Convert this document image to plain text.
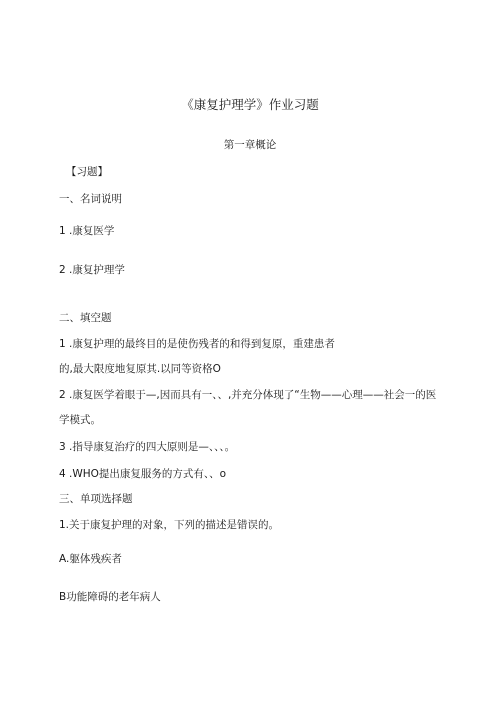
《康复护理学》作业习题
第一章概论
【习题】
一、名词说明
1 .康复医学
2 .康复护理学
二、填空题
1 .康复护理的最终目的是使伤残者的和得到复原，重建患者
的,最大限度地复原其.以同等资格O
2 .康复医学着眼于—,因而具有一、、,并充分体现了“生物——心理——社会一的医
学模式。
3 .指导康复治疗的四大原则是—、、、。
4 .WHO提出康复服务的方式有、、o
三、单项选择题
1.关于康复护理的对象，下列的描述是错误的。
A.躯体残疾者
B功能障碍的老年病人
